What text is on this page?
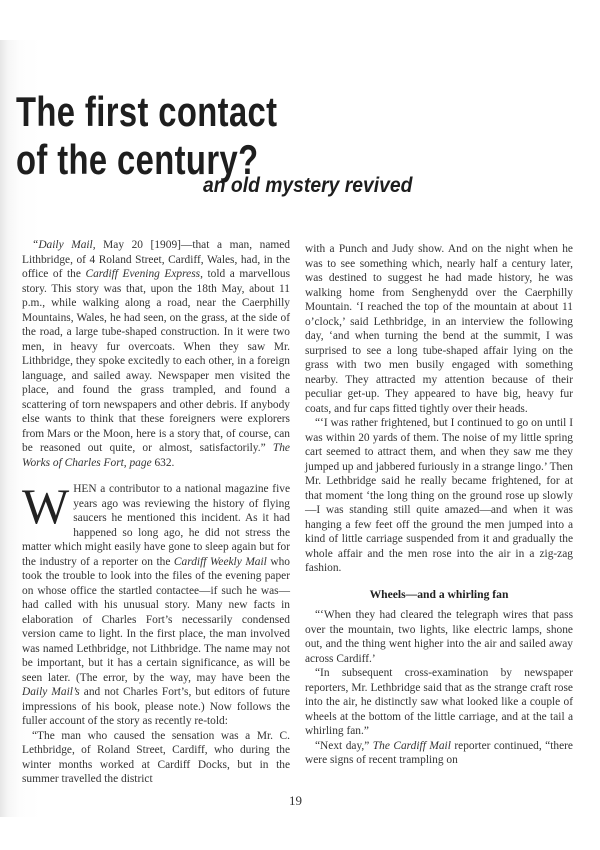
The first contact
of the century?
an old mystery revived

“Daily Mail, May 20 [1909]—that a man, named Lithbridge, of 4 Roland Street, Cardiff, Wales, had, in the office of the Cardiff Evening Express, told a marvellous story. This story was that, upon the 18th May, about 11 p.m., while walking along a road, near the Caerphilly Mountains, Wales, he had seen, on the grass, at the side of the road, a large tube-shaped construction. In it were two men, in heavy fur overcoats. When they saw Mr. Lithbridge, they spoke excitedly to each other, in a foreign language, and sailed away. Newspaper men visited the place, and found the grass trampled, and found a scattering of torn newspapers and other debris. If anybody else wants to think that these foreigners were explorers from Mars or the Moon, here is a story that, of course, can be reasoned out quite, or almost, satisfactorily.” The Works of Charles Fort, page 632.

WHEN a contributor to a national magazine five years ago was reviewing the history of flying saucers he mentioned this incident. As it had happened so long ago, he did not stress the matter which might easily have gone to sleep again but for the industry of a reporter on the Cardiff Weekly Mail who took the trouble to look into the files of the evening paper on whose office the startled contactee—if such he was—had called with his unusual story. Many new facts in elaboration of Charles Fort’s necessarily condensed version came to light. In the first place, the man involved was named Lethbridge, not Lithbridge. The name may not be important, but it has a certain significance, as will be seen later. (The error, by the way, may have been the Daily Mail’s and not Charles Fort’s, but editors of future impressions of his book, please note.) Now follows the fuller account of the story as recently re-told:

“The man who caused the sensation was a Mr. C. Lethbridge, of Roland Street, Cardiff, who during the winter months worked at Cardiff Docks, but in the summer travelled the district

with a Punch and Judy show. And on the night when he was to see something which, nearly half a century later, was destined to suggest he had made history, he was walking home from Senghenydd over the Caerphilly Mountain. ‘I reached the top of the mountain at about 11 o’clock,’ said Lethbridge, in an interview the following day, ‘and when turning the bend at the summit, I was surprised to see a long tube-shaped affair lying on the grass with two men busily engaged with something nearby. They attracted my attention because of their peculiar get-up. They appeared to have big, heavy fur coats, and fur caps fitted tightly over their heads.

“‘I was rather frightened, but I continued to go on until I was within 20 yards of them. The noise of my little spring cart seemed to attract them, and when they saw me they jumped up and jabbered furiously in a strange lingo.’ Then Mr. Lethbridge said he really became frightened, for at that moment ‘the long thing on the ground rose up slowly—I was standing still quite amazed—and when it was hanging a few feet off the ground the men jumped into a kind of little carriage suspended from it and gradually the whole affair and the men rose into the air in a zig-zag fashion.

Wheels—and a whirling fan

“‘When they had cleared the telegraph wires that pass over the mountain, two lights, like electric lamps, shone out, and the thing went higher into the air and sailed away across Cardiff.’

“In subsequent cross-examination by newspaper reporters, Mr. Lethbridge said that as the strange craft rose into the air, he distinctly saw what looked like a couple of wheels at the bottom of the little carriage, and at the tail a whirling fan.”

“Next day,” The Cardiff Mail reporter continued, “there were signs of recent trampling on

19
